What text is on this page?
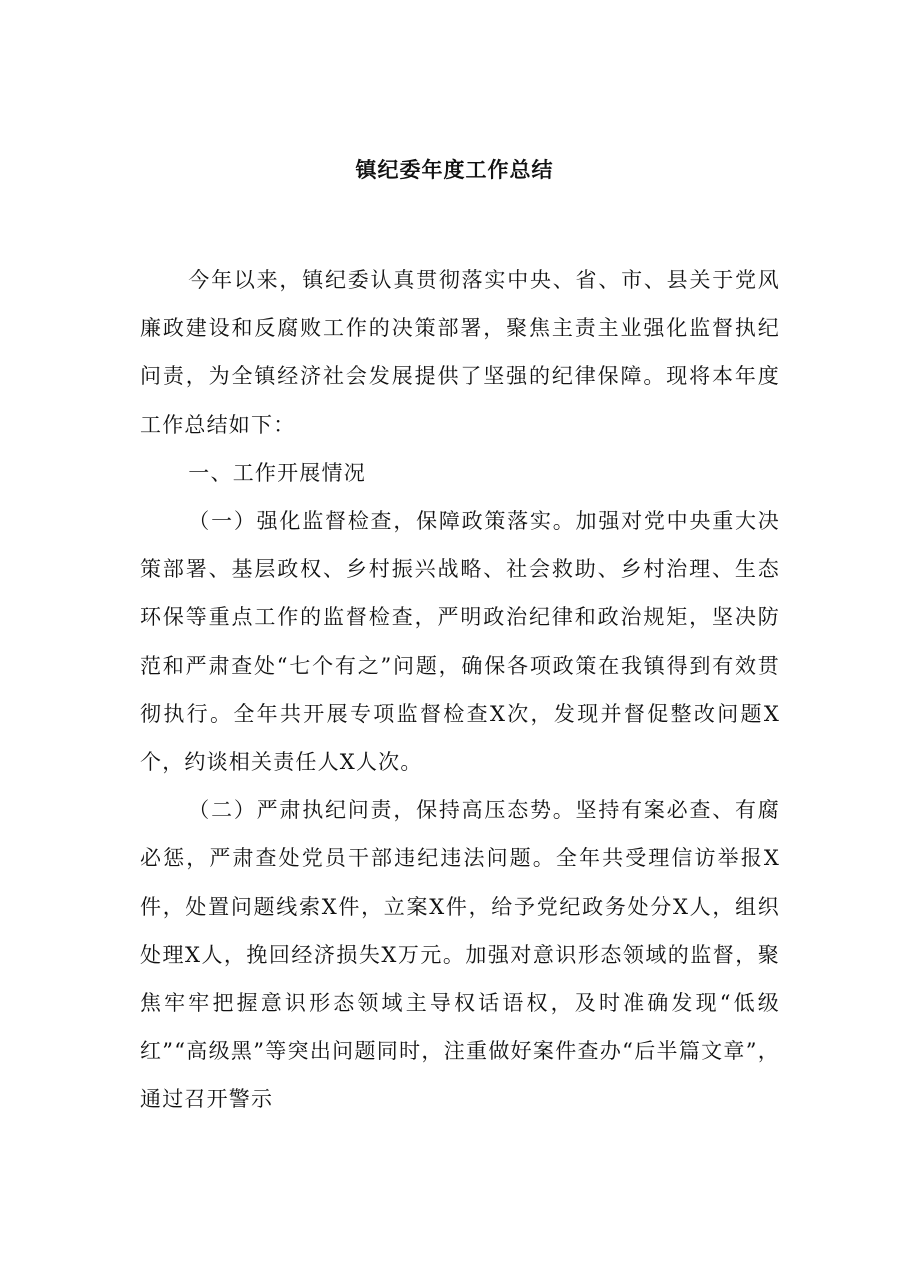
镇纪委年度工作总结

今年以来，镇纪委认真贯彻落实中央、省、市、县关于党风廉政建设和反腐败工作的决策部署，聚焦主责主业强化监督执纪问责，为全镇经济社会发展提供了坚强的纪律保障。现将本年度工作总结如下：

一、工作开展情况

（一）强化监督检查，保障政策落实。加强对党中央重大决策部署、基层政权、乡村振兴战略、社会救助、乡村治理、生态环保等重点工作的监督检查，严明政治纪律和政治规矩，坚决防范和严肃查处“七个有之”问题，确保各项政策在我镇得到有效贯彻执行。全年共开展专项监督检查X次，发现并督促整改问题X个，约谈相关责任人X人次。

（二）严肃执纪问责，保持高压态势。坚持有案必查、有腐必惩，严肃查处党员干部违纪违法问题。全年共受理信访举报X件，处置问题线索X件，立案X件，给予党纪政务处分X人，组织处理X人，挽回经济损失X万元。加强对意识形态领域的监督，聚焦牢牢把握意识形态领域主导权话语权，及时准确发现“低级红”“高级黑”等突出问题同时，注重做好案件查办“后半篇文章”，通过召开警示
